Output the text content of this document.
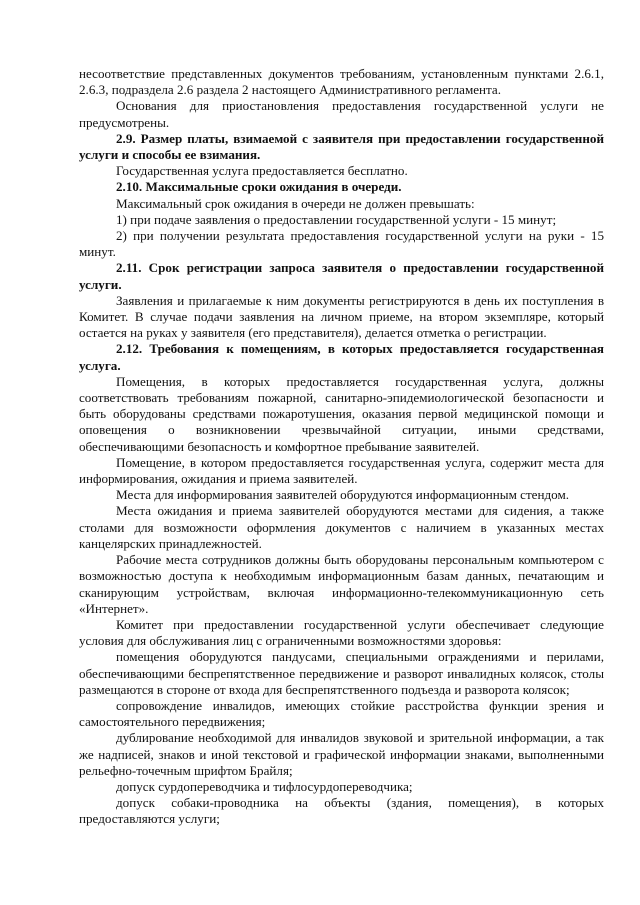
несоответствие представленных документов требованиям, установленным пунктами 2.6.1, 2.6.3, подраздела 2.6 раздела 2 настоящего Административного регламента.

Основания для приостановления предоставления государственной услуги не предусмотрены.

2.9. Размер платы, взимаемой с заявителя при предоставлении государственной услуги и способы ее взимания.

Государственная услуга предоставляется бесплатно.

2.10. Максимальные сроки ожидания в очереди.

Максимальный срок ожидания в очереди не должен превышать:

1) при подаче заявления о предоставлении государственной услуги - 15 минут;

2) при получении результата предоставления государственной услуги на руки - 15 минут.

2.11. Срок регистрации запроса заявителя о предоставлении государственной услуги.

Заявления и прилагаемые к ним документы регистрируются в день их поступления в Комитет. В случае подачи заявления на личном приеме, на втором экземпляре, который остается на руках у заявителя (его представителя), делается отметка о регистрации.

2.12. Требования к помещениям, в которых предоставляется государственная услуга.

Помещения, в которых предоставляется государственная услуга, должны соответствовать требованиям пожарной, санитарно-эпидемиологической безопасности и быть оборудованы средствами пожаротушения, оказания первой медицинской помощи и оповещения о возникновении чрезвычайной ситуации, иными средствами, обеспечивающими безопасность и комфортное пребывание заявителей.

Помещение, в котором предоставляется государственная услуга, содержит места для информирования, ожидания и приема заявителей.

Места для информирования заявителей оборудуются информационным стендом.

Места ожидания и приема заявителей оборудуются местами для сидения, а также столами для возможности оформления документов с наличием в указанных местах канцелярских принадлежностей.

Рабочие места сотрудников должны быть оборудованы персональным компьютером с возможностью доступа к необходимым информационным базам данных, печатающим и сканирующим устройствам, включая информационно-телекоммуникационную сеть «Интернет».

Комитет при предоставлении государственной услуги обеспечивает следующие условия для обслуживания лиц с ограниченными возможностями здоровья:

помещения оборудуются пандусами, специальными ограждениями и перилами, обеспечивающими беспрепятственное передвижение и разворот инвалидных колясок, столы размещаются в стороне от входа для беспрепятственного подъезда и разворота колясок;

сопровождение инвалидов, имеющих стойкие расстройства функции зрения и самостоятельного передвижения;

дублирование необходимой для инвалидов звуковой и зрительной информации, а так же надписей, знаков и иной текстовой и графической информации знаками, выполненными рельефно-точечным шрифтом Брайля;

допуск сурдопереводчика и тифлосурдопереводчика;

допуск собаки-проводника на объекты (здания, помещения), в которых предоставляются услуги;
